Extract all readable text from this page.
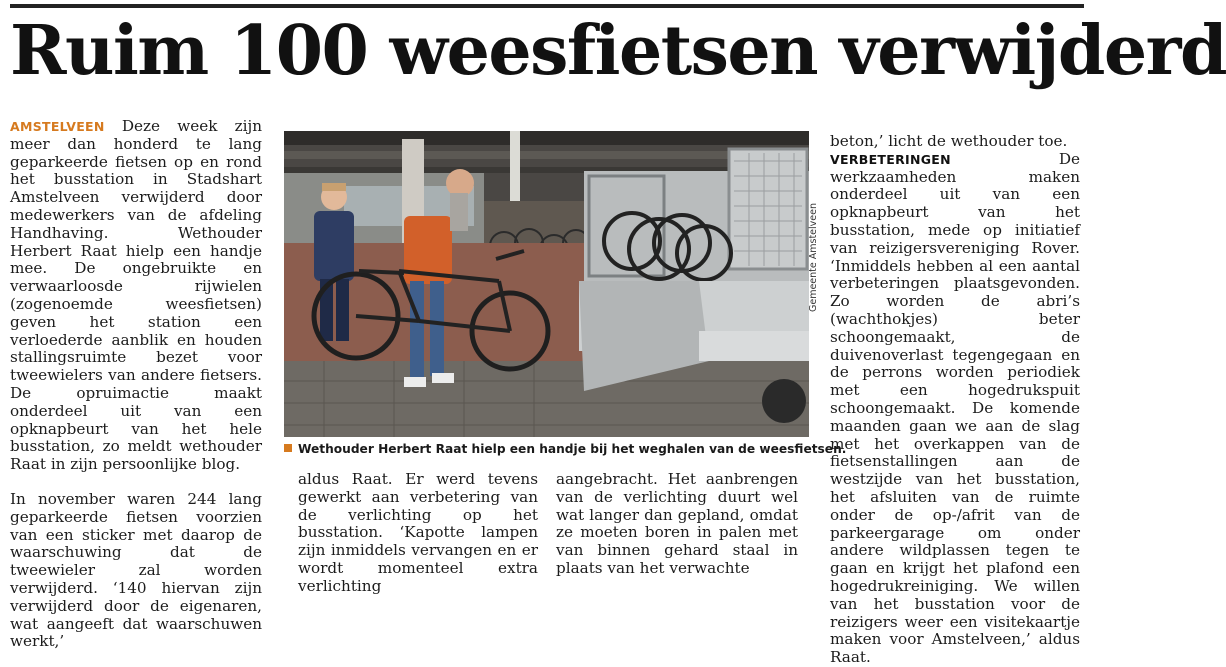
Ruim 100 weesfietsen verwijderd

AMSTELVEEN Deze week zijn meer dan honderd te lang geparkeerde fietsen op en rond het busstation in Stadshart Amstelveen verwijderd door medewerkers van de afdeling Handhaving. Wethouder Herbert Raat hielp een handje mee. De ongebruikte en verwaarloosde rijwielen (zogenoemde weesfietsen) geven het station een verloederde aanblik en houden stallingsruimte bezet voor tweewielers van andere fietsers. De opruimactie maakt onderdeel uit van een opknapbeurt van het hele busstation, zo meldt wethouder Raat in zijn persoonlijke blog.

In november waren 244 lang geparkeerde fietsen voorzien van een sticker met daarop de waarschuwing dat de tweewieler zal worden verwijderd. ‘140 hiervan zijn verwijderd door de eigenaren, wat aangeeft dat waarschuwen werkt,’

Gemeente Amstelveen
Wethouder Herbert Raat hielp een handje bij het weghalen van de weesfietsen.
aldus Raat. Er werd tevens gewerkt aan verbetering van de verlichting op het busstation. ‘Kapotte lampen zijn inmiddels vervangen en er wordt momenteel extra verlichting
aangebracht. Het aanbrengen van de verlichting duurt wel wat langer dan gepland, omdat ze moeten boren in palen met van binnen gehard staal in plaats van het verwachte

beton,’ licht de wethouder toe.

VERBETERINGEN	De werkzaamheden maken onderdeel uit van een opknapbeurt van het busstation, mede op initiatief van reizigersvereniging Rover. ‘Inmiddels hebben al een aantal verbeteringen plaatsgevonden. Zo worden de abri’s (wachthokjes) beter schoongemaakt, de duivenoverlast tegengegaan en de perrons worden periodiek met een hogedrukspuit schoongemaakt. De komende maanden gaan we aan de slag met het overkappen van de fietsenstallingen aan de westzijde van het busstation, het afsluiten van de ruimte onder de op-/afrit van de parkeergarage om onder andere wildplassen tegen te gaan en krijgt het plafond een hogedrukreiniging. We willen van het busstation voor de reizigers weer een visitekaartje maken voor Amstelveen,’ aldus Raat.
